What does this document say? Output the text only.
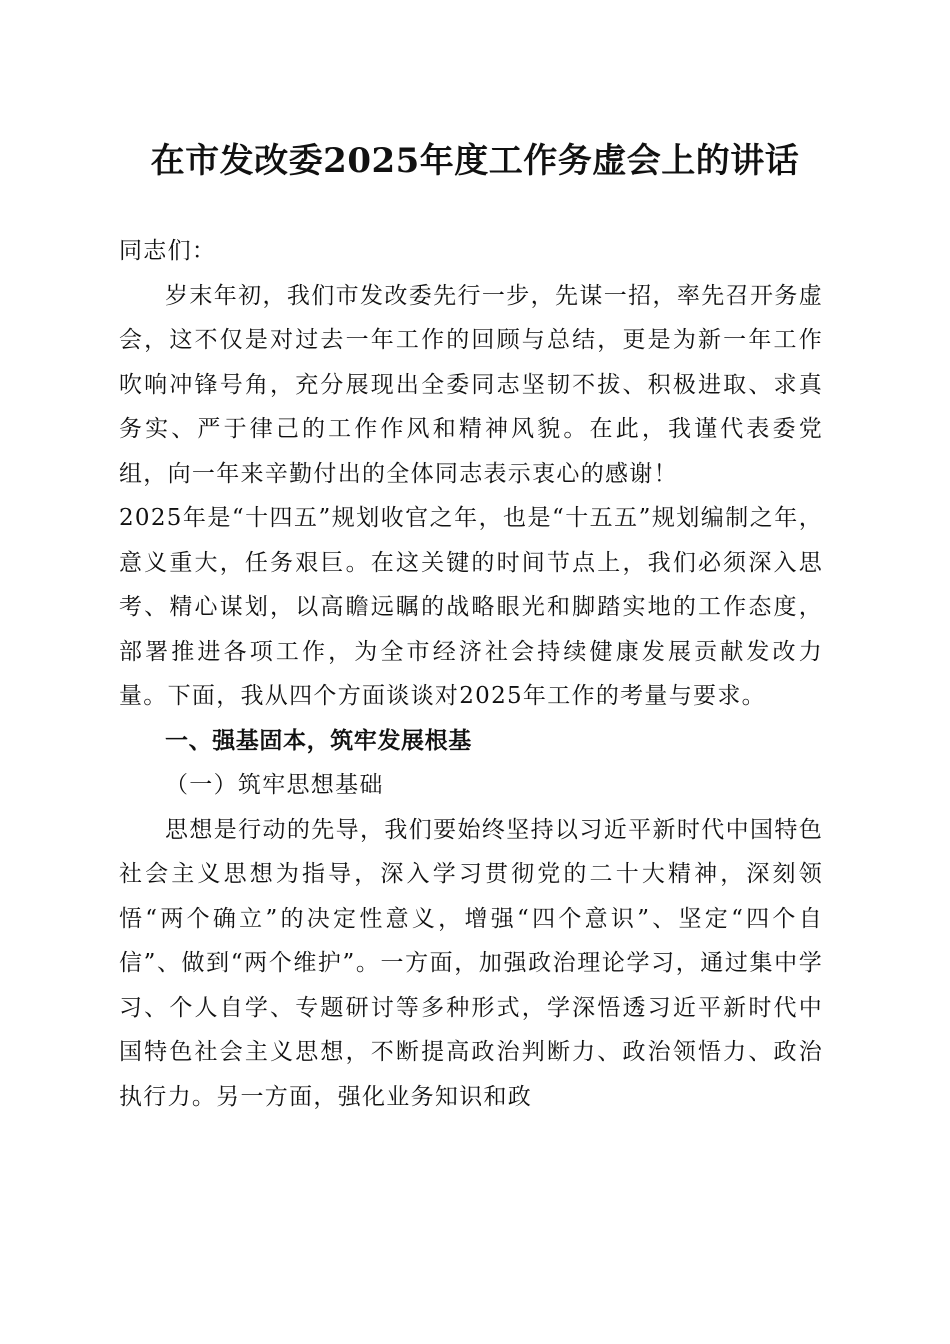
在市发改委2025年度工作务虚会上的讲话

同志们：

岁末年初，我们市发改委先行一步，先谋一招，率先召开务虚会，这不仅是对过去一年工作的回顾与总结，更是为新一年工作吹响冲锋号角，充分展现出全委同志坚韧不拔、积极进取、求真务实、严于律己的工作作风和精神风貌。在此，我谨代表委党组，向一年来辛勤付出的全体同志表示衷心的感谢！

2025年是“十四五”规划收官之年，也是“十五五”规划编制之年，意义重大，任务艰巨。在这关键的时间节点上，我们必须深入思考、精心谋划，以高瞻远瞩的战略眼光和脚踏实地的工作态度，部署推进各项工作，为全市经济社会持续健康发展贡献发改力量。下面，我从四个方面谈谈对2025年工作的考量与要求。

一、强基固本，筑牢发展根基

（一）筑牢思想基础

思想是行动的先导，我们要始终坚持以习近平新时代中国特色社会主义思想为指导，深入学习贯彻党的二十大精神，深刻领悟“两个确立”的决定性意义，增强“四个意识”、坚定“四个自信”、做到“两个维护”。一方面，加强政治理论学习，通过集中学习、个人自学、专题研讨等多种形式，学深悟透习近平新时代中国特色社会主义思想，不断提高政治判断力、政治领悟力、政治执行力。另一方面，强化业务知识和政
